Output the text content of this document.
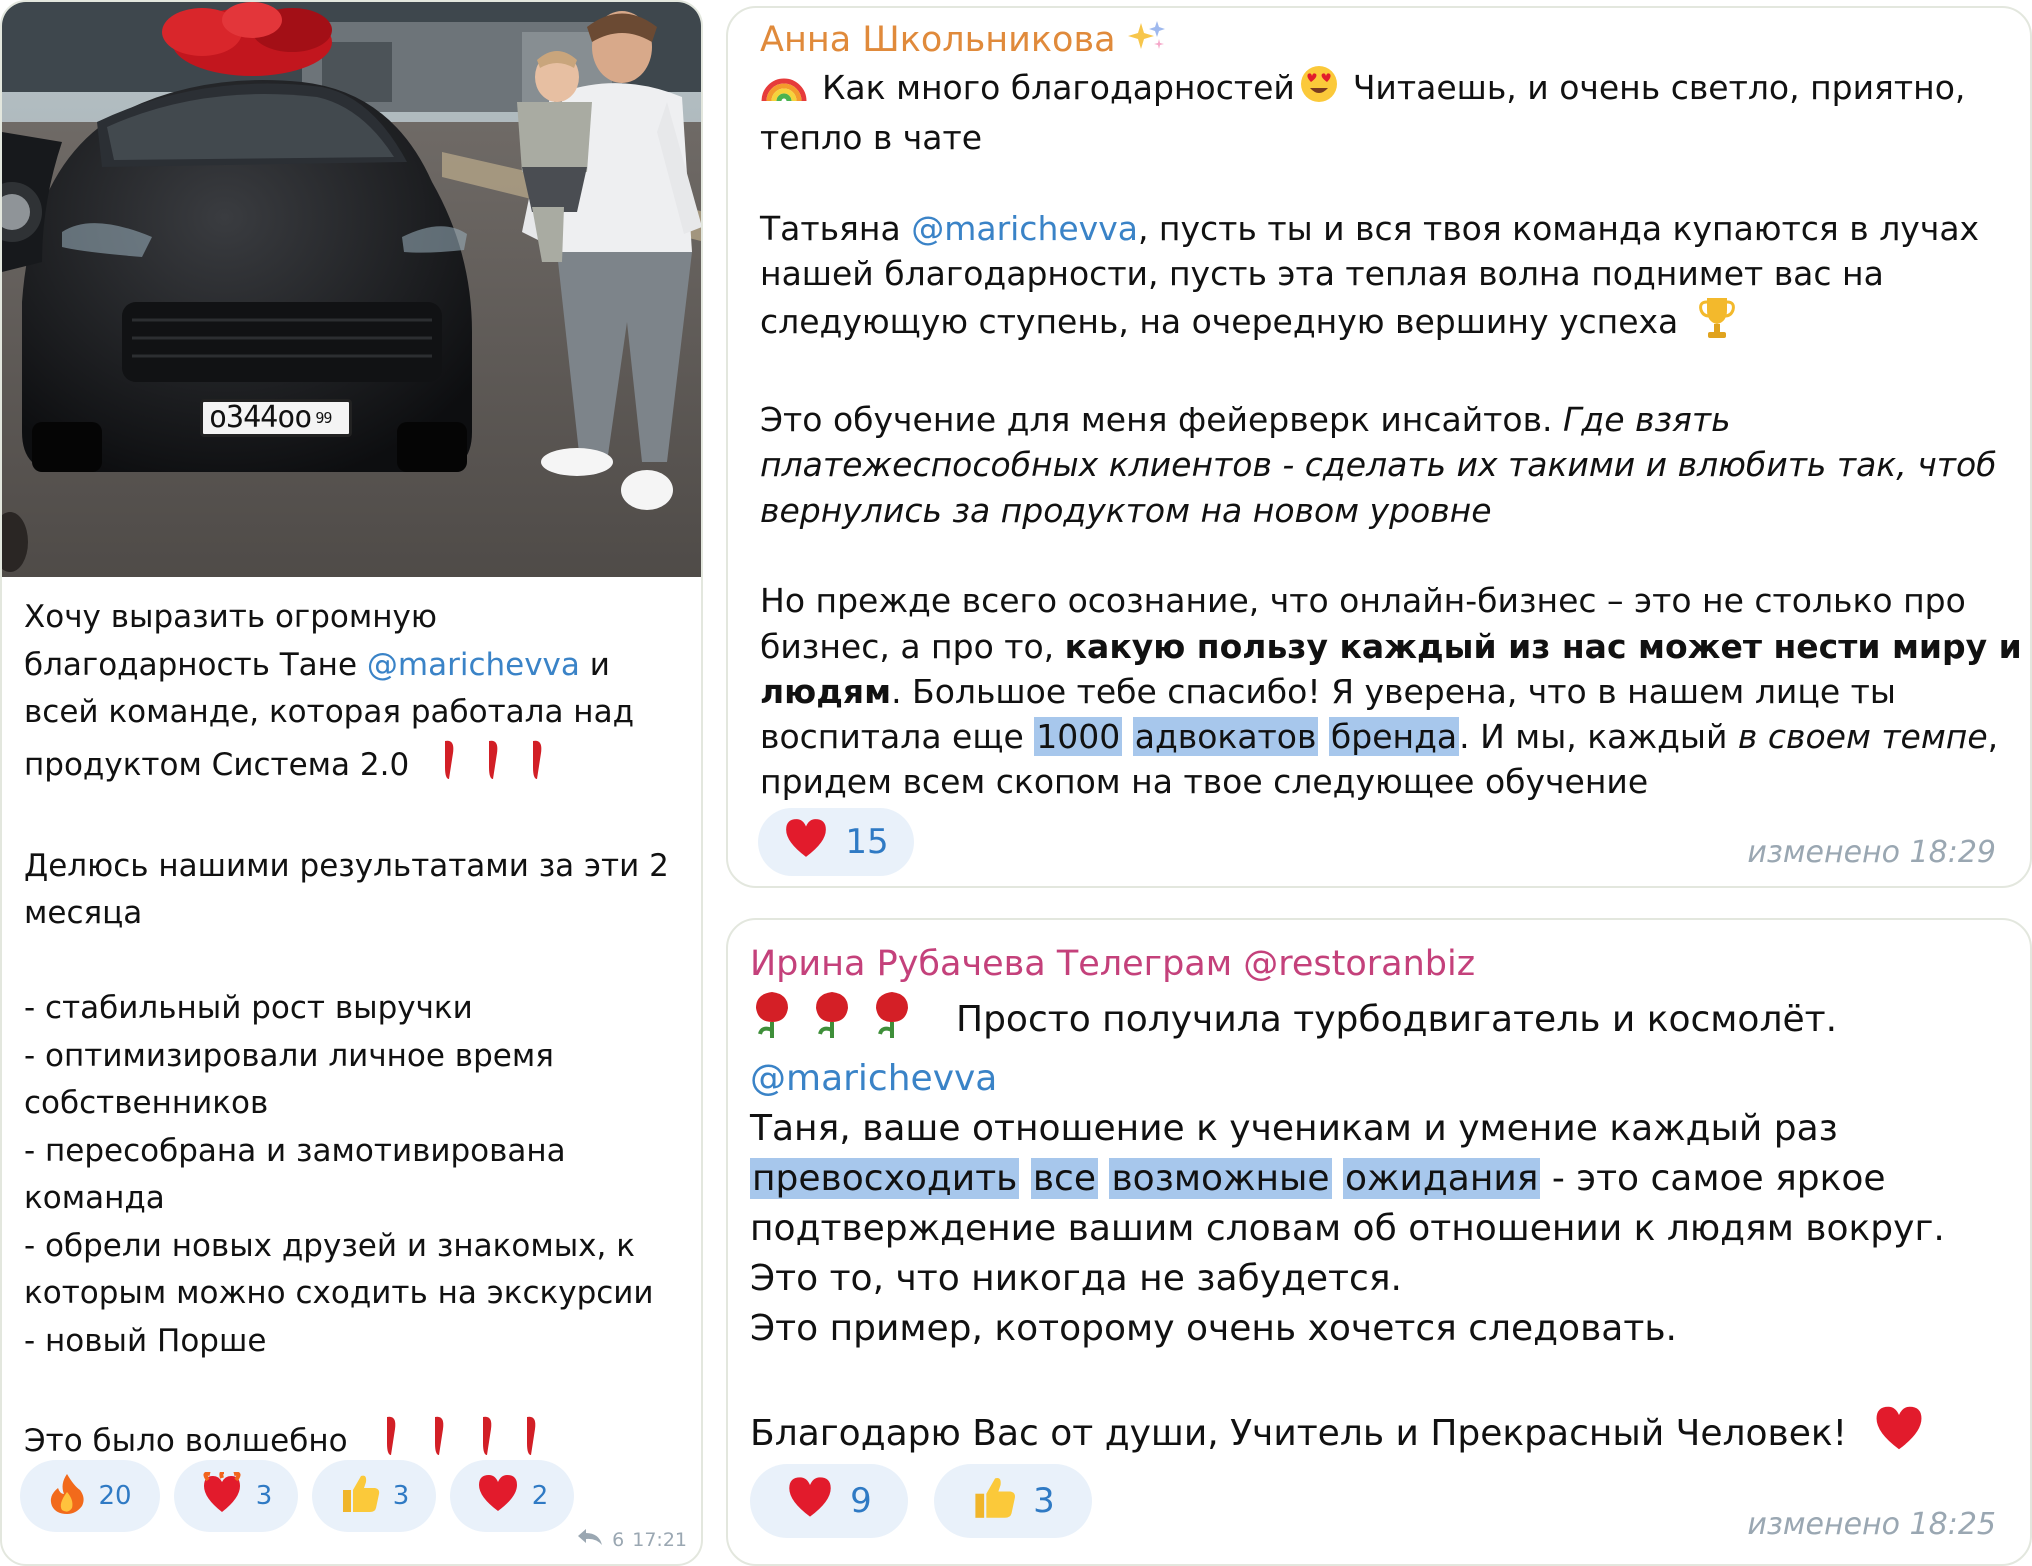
о344оо $^{99}$

Хочу выразить огромную

благодарность Тане @marichevva и

всей команде, которая работала над

продуктом Система 2.0

Делюсь нашими результатами за эти 2

месяца

- стабильный рост выручки

- оптимизировали личное время

собственников

- пересобрана и замотивирована

команда

- обрели новых друзей и знакомых, к

которым можно сходить на экскурсии

- новый Порше

Это было волшебно

20	3	3	2
6 17:21
Анна Школьникова

Как много благодарностей Читаешь, и очень светло, приятно,

тепло в чате

Татьяна @marichevva, пусть ты и вся твоя команда купаются в лучах

нашей благодарности, пусть эта теплая волна поднимет вас на

следующую ступень, на очередную вершину успеха

Это обучение для меня фейерверк инсайтов. Где взять

платежеспособных клиентов - сделать их такими и влюбить так, чтоб

вернулись за продуктом на новом уровне

Но прежде всего осознание, что онлайн-бизнес – это не столько про

бизнес, а про то, какую пользу каждый из нас может нести миру и

людям. Большое тебе спасибо! Я уверена, что в нашем лице ты

воспитала еще 1000 адвокатов бренда. И мы, каждый в своем темпе,

придем всем скопом на твое следующее обучение

15	изменено 18:29
Ирина Рубачева Телеграм @restoranbiz

Просто получила турбодвигатель и космолёт.

@marichevva

Таня, ваше отношение к ученикам и умение каждый раз

превосходить все возможные ожидания - это самое яркое

подтверждение вашим словам об отношении к людям вокруг.

Это то, что никогда не забудется.

Это пример, которому очень хочется следовать.

Благодарю Вас от души, Учитель и Прекрасный Человек!

9	3
изменено 18:25
